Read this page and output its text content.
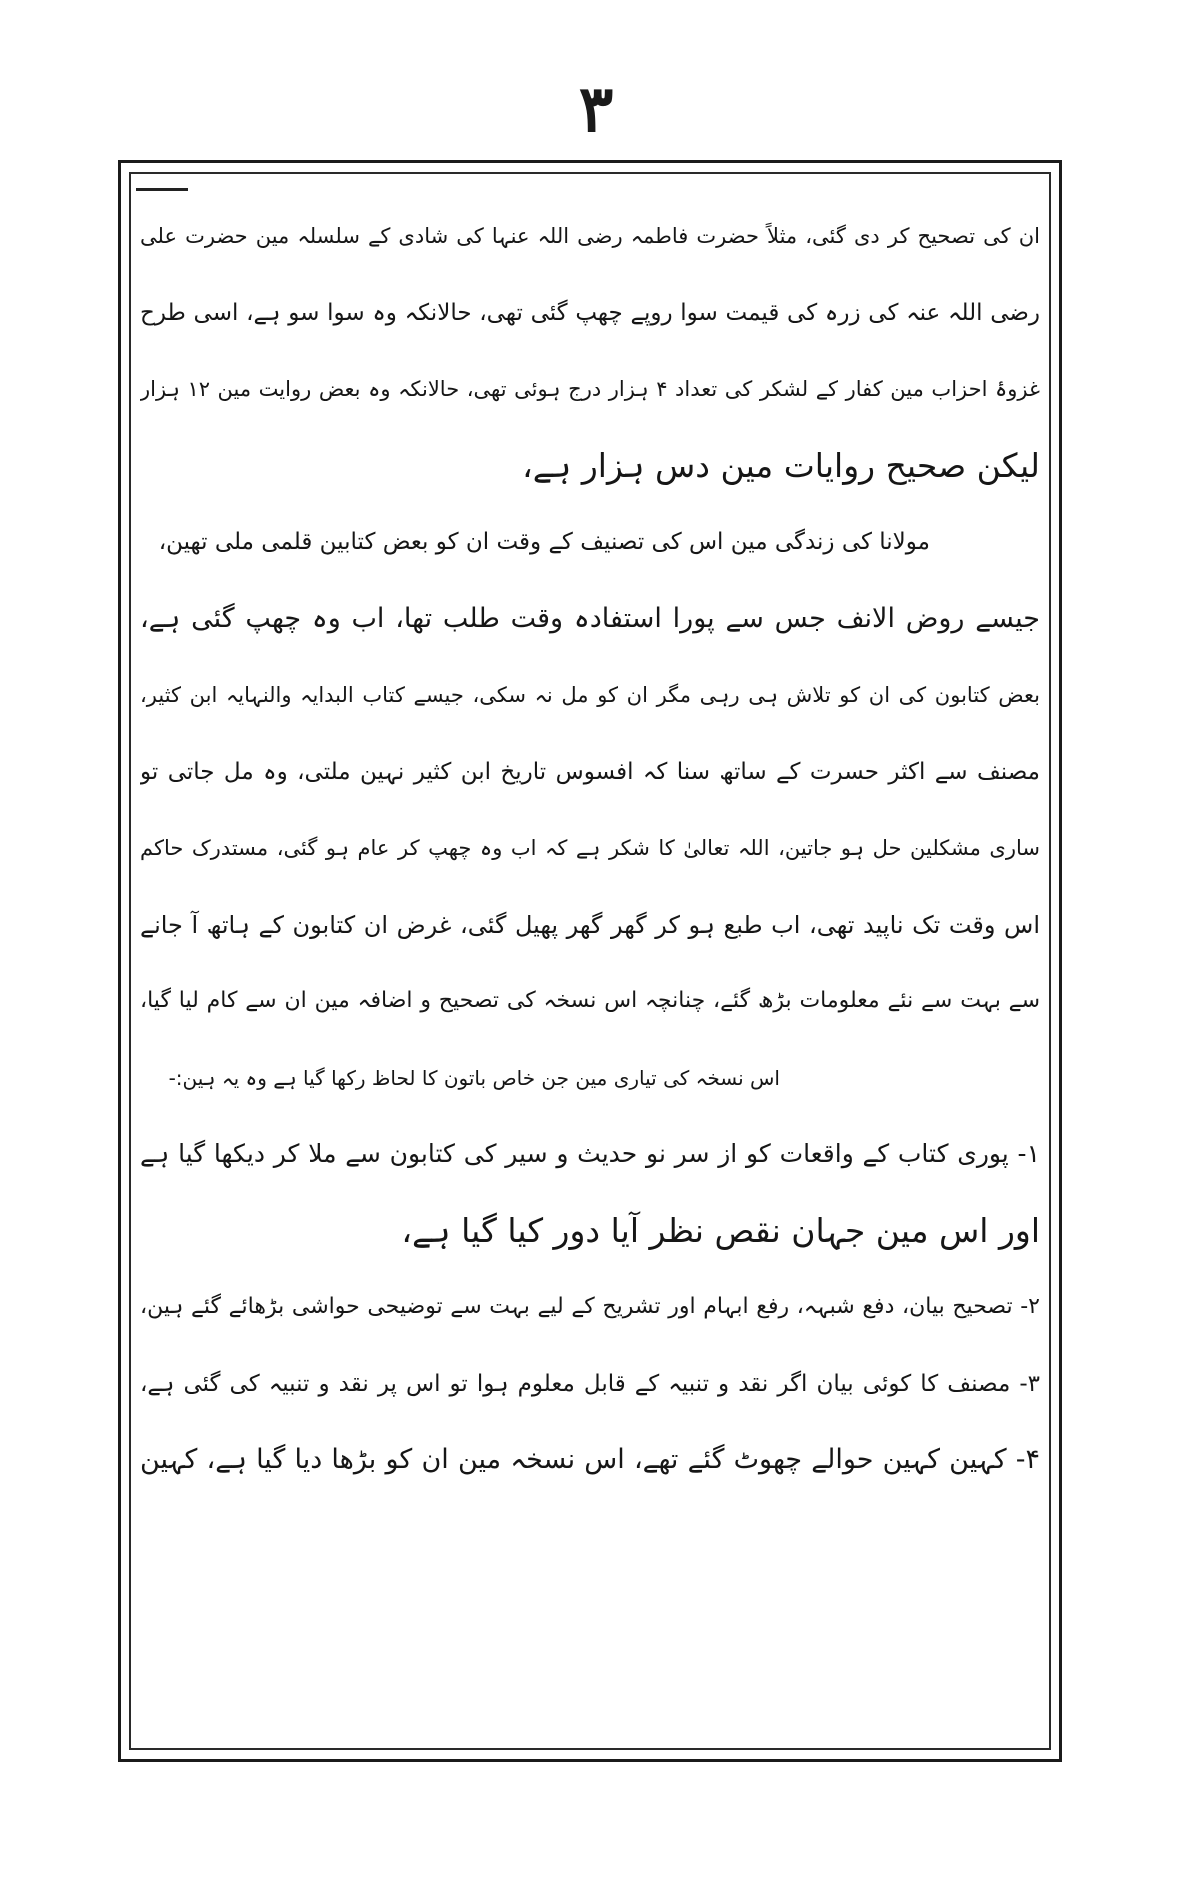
۳
ان کی تصحیح کر دی گئی، مثلاً حضرت فاطمہ رضی اللہ عنہا کی شادی کے سلسلہ مین حضرت علی
رضی اللہ عنہ کی زرہ کی قیمت سوا روپے چھپ گئی تھی، حالانکہ وہ سوا سو ہے، اسی طرح
غزوۂ احزاب مین کفار کے لشکر کی تعداد ۴ ہزار درج ہوئی تھی، حالانکہ وہ بعض روایت مین ۱۲ ہزار
لیکن صحیح روایات مین دس ہزار ہے،
مولانا کی زندگی مین اس کی تصنیف کے وقت ان کو بعض کتابین قلمی ملی تھین،
جیسے روض الانف جس سے پورا استفادہ وقت طلب تھا، اب وہ چھپ گئی ہے،
بعض کتابون کی ان کو تلاش ہی رہی مگر ان کو مل نہ سکی، جیسے کتاب البدایہ والنہایہ ابن کثیر،
مصنف سے اکثر حسرت کے ساتھ سنا کہ افسوس تاریخ ابن کثیر نہین ملتی، وہ مل جاتی تو
ساری مشکلین حل ہو جاتین، اللہ تعالیٰ کا شکر ہے کہ اب وہ چھپ کر عام ہو گئی، مستدرک حاکم
اس وقت تک ناپید تھی، اب طبع ہو کر گھر گھر پھیل گئی، غرض ان کتابون کے ہاتھ آ جانے
سے بہت سے نئے معلومات بڑھ گئے، چنانچہ اس نسخہ کی تصحیح و اضافہ مین ان سے کام لیا گیا،
اس نسخہ کی تیاری مین جن خاص باتون کا لحاظ رکھا گیا ہے وہ یہ ہین:-
۱- پوری کتاب کے واقعات کو از سر نو حدیث و سیر کی کتابون سے ملا کر دیکھا گیا ہے
اور اس مین جہان نقص نظر آیا دور کیا گیا ہے،
۲- تصحیح بیان، دفع شبہہ، رفع ابہام اور تشریح کے لیے بہت سے توضیحی حواشی بڑھائے گئے ہین،
۳- مصنف کا کوئی بیان اگر نقد و تنبیہ کے قابل معلوم ہوا تو اس پر نقد و تنبیہ کی گئی ہے،
۴- کہین کہین حوالے چھوٹ گئے تھے، اس نسخہ مین ان کو بڑھا دیا گیا ہے، کہین
